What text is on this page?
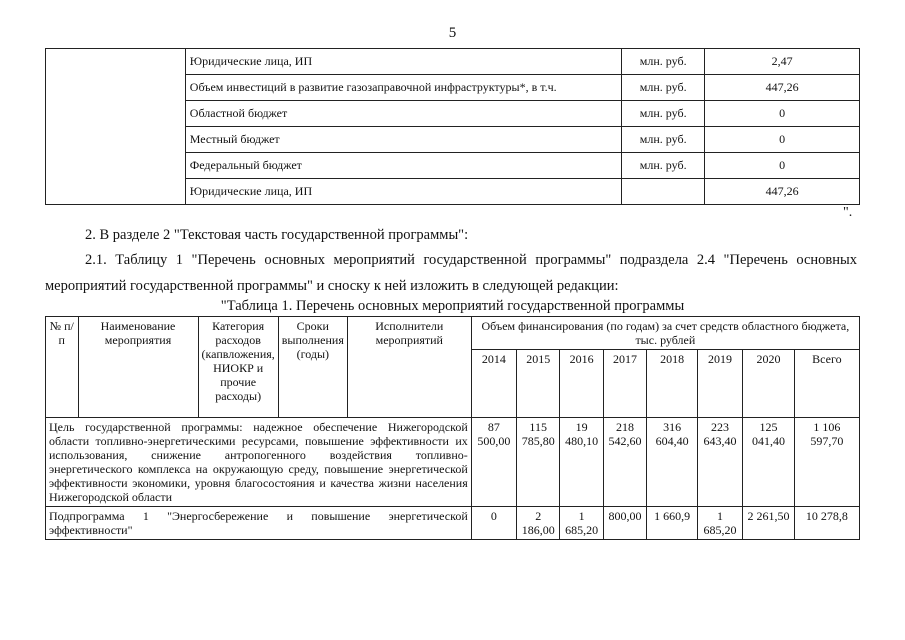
5
	Юридические лица, ИП	млн. руб.	2,47
	Объем инвестиций в развитие газозаправочной инфраструктуры*, в т.ч.	млн. руб.	447,26
	Областной бюджет	млн. руб.	0
	Местный бюджет	млн. руб.	0
	Федеральный бюджет	млн. руб.	0
	Юридические лица, ИП		447,26
".
2. В разделе 2 "Текстовая часть государственной программы":
2.1. Таблицу 1 "Перечень основных мероприятий государственной программы" подраздела 2.4 "Перечень основных мероприятий государственной программы" и сноску к ней изложить в следующей редакции:
"Таблица 1. Перечень основных мероприятий государственной программы
№ п/п	Наименование мероприятия	Категория расходов (капвложения, НИОКР и прочие расходы)	Сроки выполнения (годы)	Исполнители мероприятий	Объем финансирования (по годам) за счет средств областного бюджета, тыс. рублей							
					2014	2015	2016	2017	2018	2019	2020	Всего
Цель государственной программы: надежное обеспечение Нижегородской области топливно-энергетическими ресурсами, повышение эффективности их использования, снижение антропогенного воздействия топливно-энергетического комплекса на окружающую среду, повышение энергетической эффективности экономики, уровня благосостояния и качества жизни населения Нижегородской области					87 500,00	115 785,80	19 480,10	218 542,60	316 604,40	223 643,40	125 041,40	1 106 597,70
Подпрограмма 1 "Энергосбережение и повышение энергетической эффективности"					0	2 186,00	1 685,20	800,00	1 660,9	1 685,20	2 261,50	10 278,8
